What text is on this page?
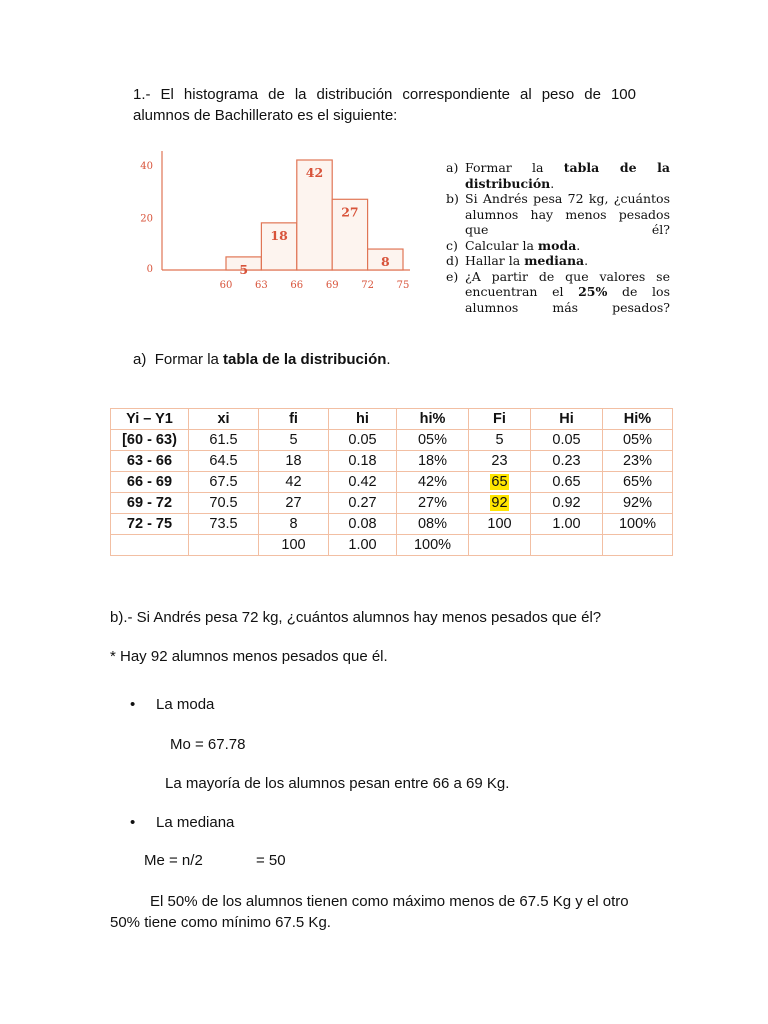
1.- El histograma de la distribución correspondiente al peso de 100
alumnos de Bachillerato es el siguiente:
5
18
42
27
8
60 63 66 69 72 75
40
20
0
a) Formar la tabla de la distribución.
b) Si Andrés pesa 72 kg, ¿cuántos alumnos hay menos pesados que él?
c) Calcular la moda.
d) Hallar la mediana.
e) ¿A partir de que valores se encuentran el 25% de los alumnos más pesados?
a) Formar la tabla de la distribución.
Yi – Y1	xi	fi	hi	hi%	Fi	Hi	Hi%
[60 - 63)	61.5	5	0.05	05%	5	0.05	05%
63 - 66	64.5	18	0.18	18%	23	0.23	23%
66 - 69	67.5	42	0.42	42%	65	0.65	65%
69 - 72	70.5	27	0.27	27%	92	0.92	92%
72 - 75	73.5	8	0.08	08%	100	1.00	100%
		100	1.00	100%			
b).- Si Andrés pesa 72 kg, ¿cuántos alumnos hay menos pesados que él?
* Hay 92 alumnos menos pesados que él.
• La moda
Mo = 67.78
La mayoría de los alumnos pesan entre 66 a 69 Kg.
• La mediana
Me = n/2	= 50
El 50% de los alumnos tienen como máximo menos de 67.5 Kg y el otro 50% tiene como mínimo 67.5 Kg.
